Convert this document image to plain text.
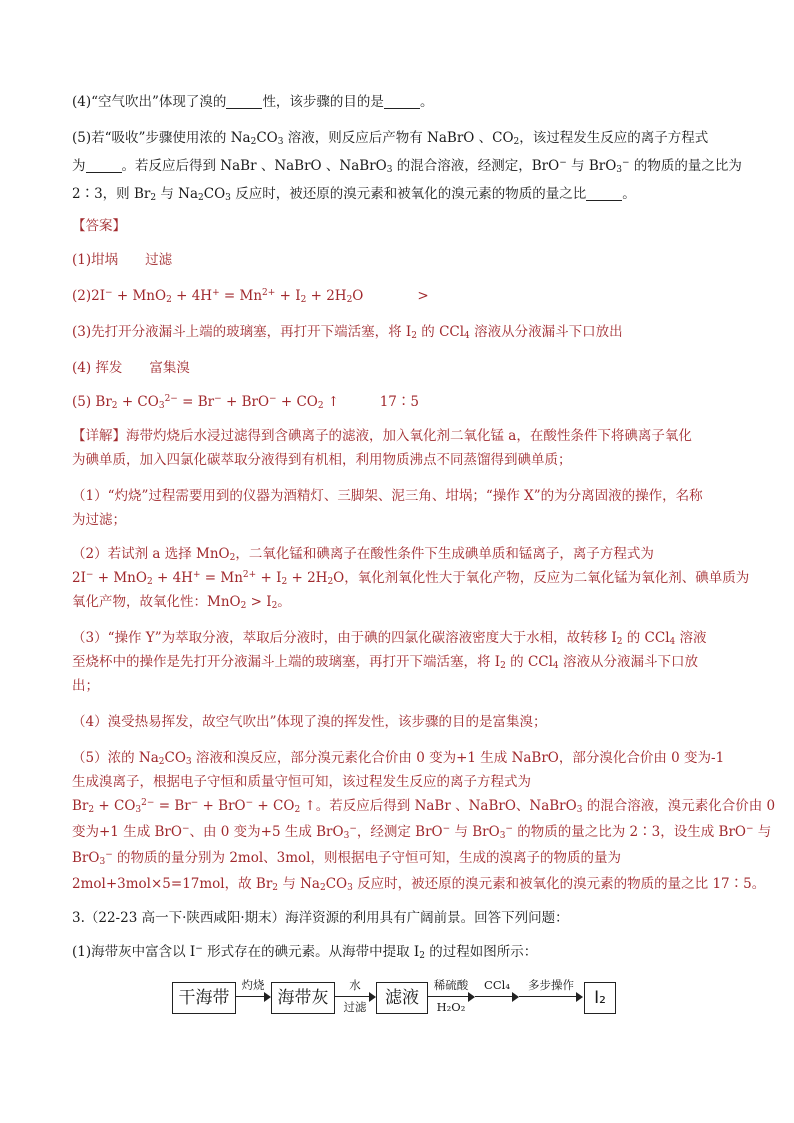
(4)“空气吹出”体现了溴的	性，该步骤的目的是	。
(5)若“吸收”步骤使用浓的 $Na_2CO_3$ 溶液，则反应后产物有 NaBrO 、$CO_2$，该过程发生反应的离子方程式
为	。若反应后得到 NaBr 、NaBrO 、NaBrO$_3$ 的混合溶液，经测定，BrO− 与 BrO$_3$− 的物质的量之比为
2∶3，则 $Br_2$ 与 $Na_2CO_3$ 反应时，被还原的溴元素和被氧化的溴元素的物质的量之比	。
【答案】
(1)坩埚　　过滤
$(2)2I^- + MnO_2 + 4H^+ = Mn^{2+} + I_2 + 2H_2O$　　　　>
(3)先打开分液漏斗上端的玻璃塞，再打开下端活塞，将 $I_2$ 的 CCl$_4$ 溶液从分液漏斗下口放出
(4) 挥发　　富集溴
(5) $Br_2 + CO_3^{2-} = Br^- + BrO^- + CO_2$ ↑　　　17∶5
【详解】海带灼烧后水浸过滤得到含碘离子的滤液，加入氧化剂二氧化锰 a，在酸性条件下将碘离子氧化
为碘单质，加入四氯化碳萃取分液得到有机相，利用物质沸点不同蒸馏得到碘单质；
（1）“灼烧”过程需要用到的仪器为酒精灯、三脚架、泥三角、坩埚；“操作 X”的为分离固液的操作，名称
为过滤；
（2）若试剂 a 选择 MnO$_2$，二氧化锰和碘离子在酸性条件下生成碘单质和锰离子，离子方程式为
$2I^- + MnO_2 + 4H^+ = Mn^{2+} + I_2 + 2H_2O$，氧化剂氧化性大于氧化产物，反应为二氧化锰为氧化剂、碘单质为
氧化产物，故氧化性：$MnO_2 > I_2$。
（3）“操作 Y”为萃取分液，萃取后分液时，由于碘的四氯化碳溶液密度大于水相，故转移 $I_2$ 的 CCl$_4$ 溶液
至烧杯中的操作是先打开分液漏斗上端的玻璃塞，再打开下端活塞，将 $I_2$ 的 CCl$_4$ 溶液从分液漏斗下口放
出；
（4）溴受热易挥发，故空气吹出”体现了溴的挥发性，该步骤的目的是富集溴；
（5）浓的 $Na_2CO_3$ 溶液和溴反应，部分溴元素化合价由 0 变为+1 生成 NaBrO，部分溴化合价由 0 变为-1
生成溴离子，根据电子守恒和质量守恒可知，该过程发生反应的离子方程式为
$Br_2 + CO_3^{2-} = Br^- + BrO^- + CO_2$ ↑。若反应后得到 NaBr 、NaBrO、NaBrO$_3$ 的混合溶液，溴元素化合价由 0
变为+1 生成 BrO−、由 0 变为+5 生成 BrO$_3$−，经测定 BrO− 与 BrO$_3$− 的物质的量之比为 2∶3，设生成 BrO− 与
BrO$_3$− 的物质的量分别为 2mol、3mol，则根据电子守恒可知，生成的溴离子的物质的量为
2mol+3mol×5=17mol，故 $Br_2$ 与 $Na_2CO_3$ 反应时，被还原的溴元素和被氧化的溴元素的物质的量之比 17∶5。
3.（22-23 高一下·陕西咸阳·期末）海洋资源的利用具有广阔前景。回答下列问题：
(1)海带灰中富含以 I− 形式存在的碘元素。从海带中提取 $I_2$ 的过程如图所示：
干海带
灼烧
海带灰
水
过滤	滤液
稀硫酸
H₂O₂
CCl₄	多步操作
I₂
